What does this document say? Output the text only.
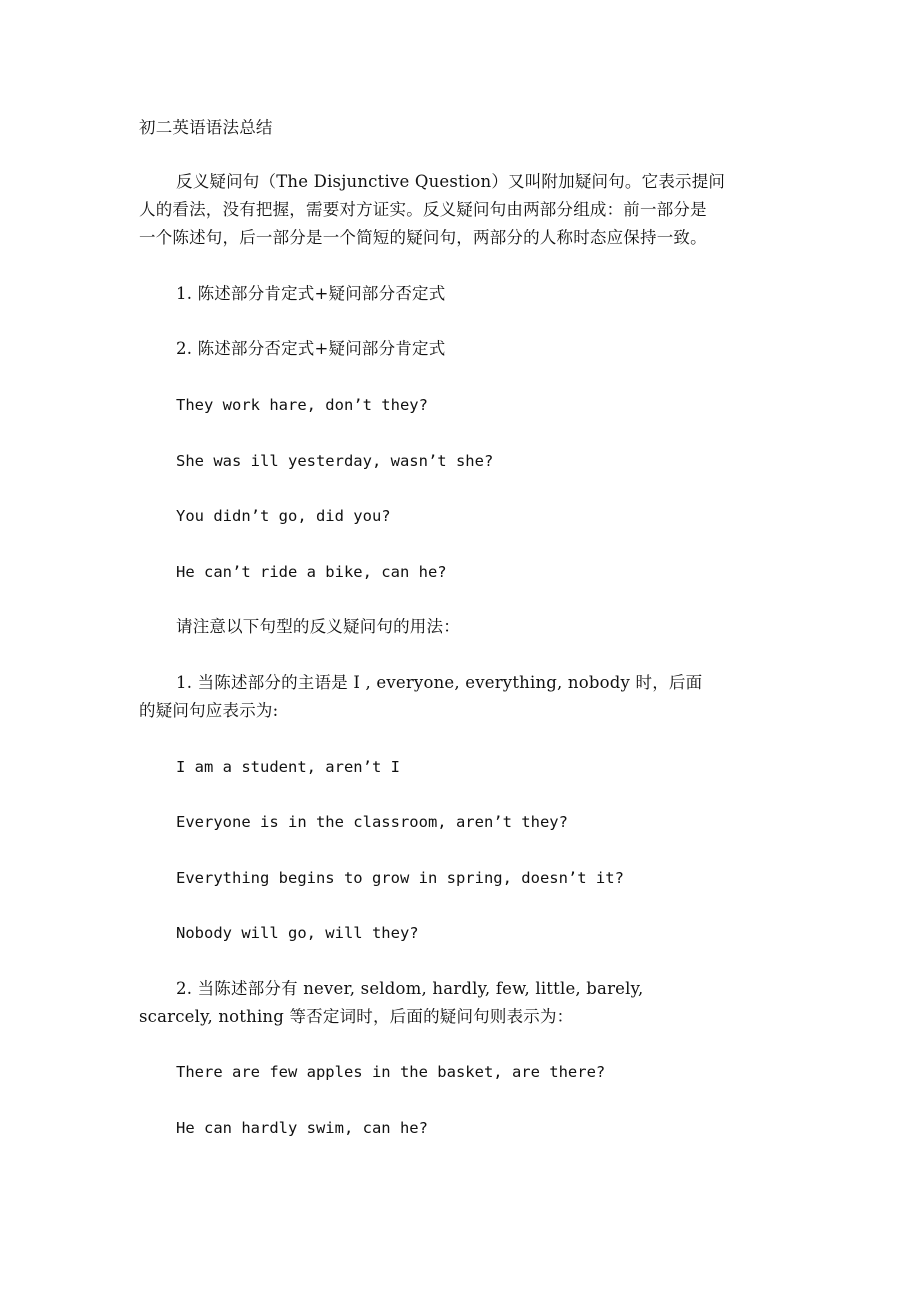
初二英语语法总结
反义疑问句（The Disjunctive Question）又叫附加疑问句。它表示提问
人的看法，没有把握，需要对方证实。反义疑问句由两部分组成：前一部分是
一个陈述句，后一部分是一个简短的疑问句，两部分的人称时态应保持一致。
1. 陈述部分肯定式+疑问部分否定式
2. 陈述部分否定式+疑问部分肯定式
They work hare, don’t they?
She was ill yesterday, wasn’t she?
You didn’t go, did you?
He can’t ride a bike, can he?
请注意以下句型的反义疑问句的用法：
1. 当陈述部分的主语是 I , everyone, everything, nobody 时，后面
的疑问句应表示为:
I am a student, aren’t I
Everyone is in the classroom, aren’t they?
Everything begins to grow in spring, doesn’t it?
Nobody will go, will they?
2. 当陈述部分有 never, seldom, hardly, few, little, barely,
scarcely, nothing 等否定词时，后面的疑问句则表示为：
There are few apples in the basket, are there?
He can hardly swim, can he?
